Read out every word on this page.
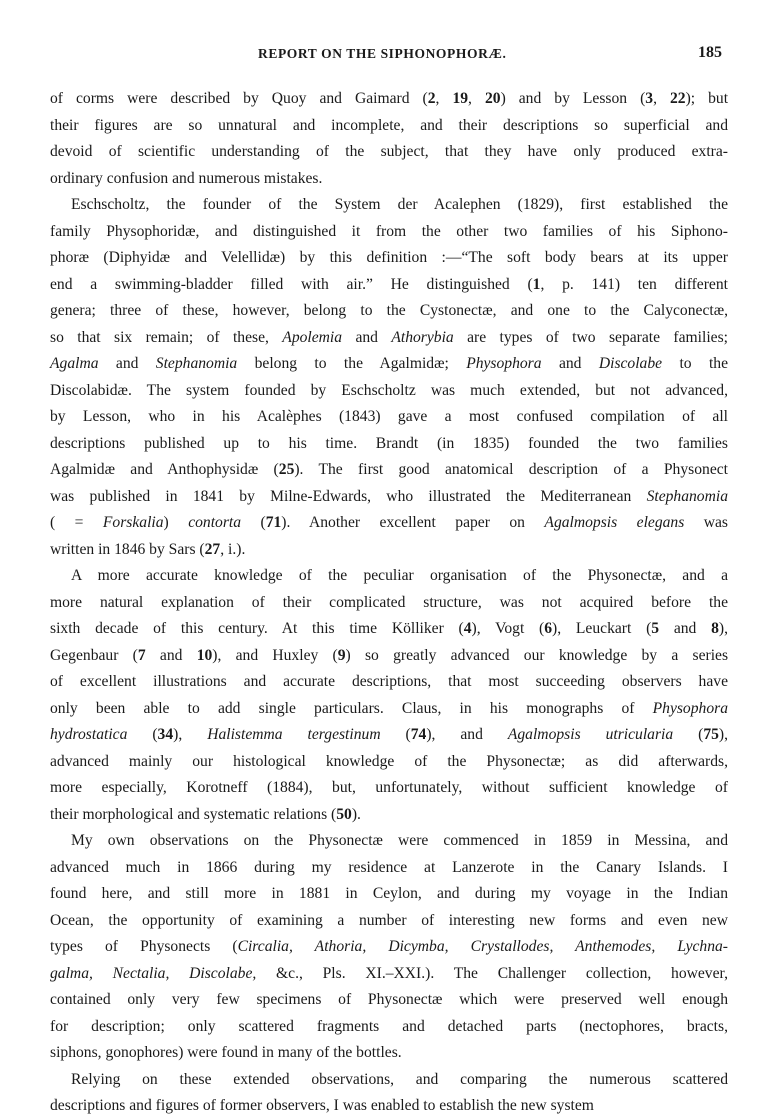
REPORT ON THE SIPHONOPHORÆ.	185
of corms were described by Quoy and Gaimard (2, 19, 20) and by Lesson (3, 22); but
their figures are so unnatural and incomplete, and their descriptions so superficial and
devoid of scientific understanding of the subject, that they have only produced extra-
ordinary confusion and numerous mistakes.
Eschscholtz, the founder of the System der Acalephen (1829), first established the
family Physophoridæ, and distinguished it from the other two families of his Siphono-
phoræ (Diphyidæ and Velellidæ) by this definition :—“The soft body bears at its upper
end a swimming-bladder filled with air.” He distinguished (1, p. 141) ten different
genera; three of these, however, belong to the Cystonectæ, and one to the Calyconectæ,
so that six remain; of these, Apolemia and Athorybia are types of two separate families;
Agalma and Stephanomia belong to the Agalmidæ; Physophora and Discolabe to the
Discolabidæ. The system founded by Eschscholtz was much extended, but not advanced,
by Lesson, who in his Acalèphes (1843) gave a most confused compilation of all
descriptions published up to his time. Brandt (in 1835) founded the two families
Agalmidæ and Anthophysidæ (25). The first good anatomical description of a Physonect
was published in 1841 by Milne-Edwards, who illustrated the Mediterranean Stephanomia
( = Forskalia) contorta (71). Another excellent paper on Agalmopsis elegans was
written in 1846 by Sars (27, i.).
A more accurate knowledge of the peculiar organisation of the Physonectæ, and a
more natural explanation of their complicated structure, was not acquired before the
sixth decade of this century. At this time Kölliker (4), Vogt (6), Leuckart (5 and 8),
Gegenbaur (7 and 10), and Huxley (9) so greatly advanced our knowledge by a series
of excellent illustrations and accurate descriptions, that most succeeding observers have
only been able to add single particulars. Claus, in his monographs of Physophora
hydrostatica (34), Halistemma tergestinum (74), and Agalmopsis utricularia (75),
advanced mainly our histological knowledge of the Physonectæ; as did afterwards,
more especially, Korotneff (1884), but, unfortunately, without sufficient knowledge of
their morphological and systematic relations (50).
My own observations on the Physonectæ were commenced in 1859 in Messina, and
advanced much in 1866 during my residence at Lanzerote in the Canary Islands. I
found here, and still more in 1881 in Ceylon, and during my voyage in the Indian
Ocean, the opportunity of examining a number of interesting new forms and even new
types of Physonects (Circalia, Athoria, Dicymba, Crystallodes, Anthemodes, Lychna-
galma, Nectalia, Discolabe, &c., Pls. XI.–XXI.). The Challenger collection, however,
contained only very few specimens of Physonectæ which were preserved well enough
for description; only scattered fragments and detached parts (nectophores, bracts,
siphons, gonophores) were found in many of the bottles.
Relying on these extended observations, and comparing the numerous scattered
descriptions and figures of former observers, I was enabled to establish the new system
